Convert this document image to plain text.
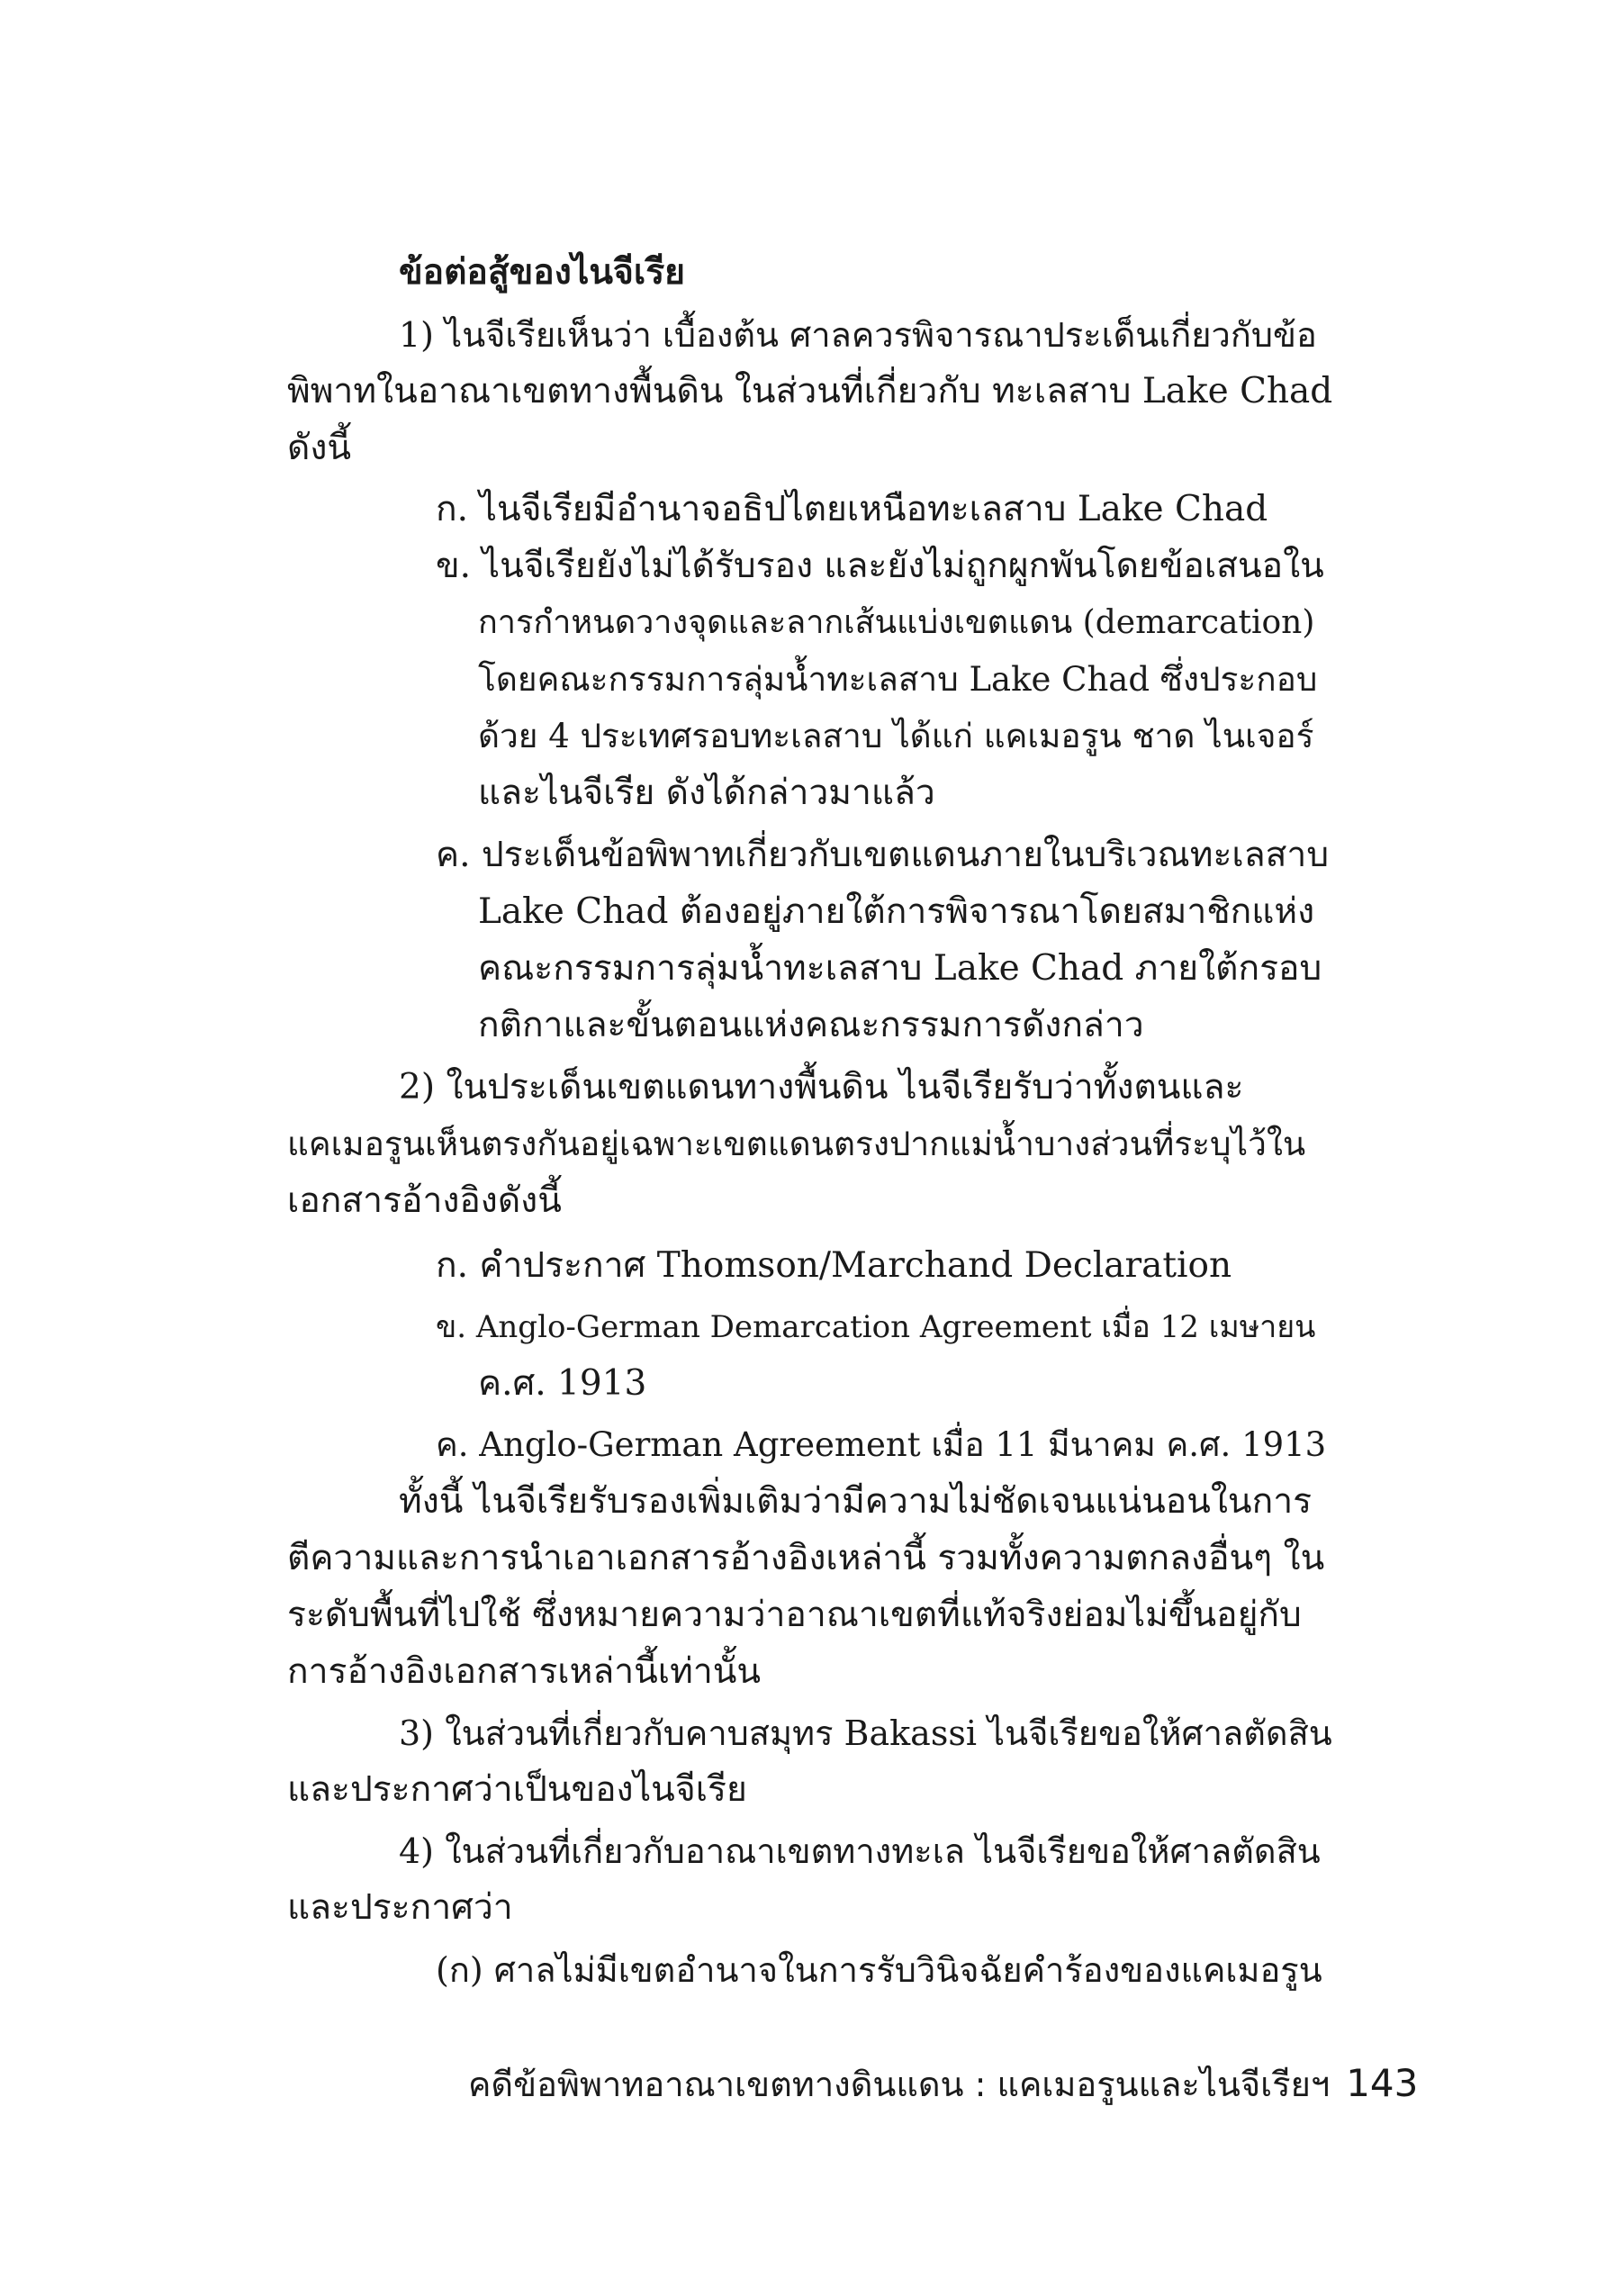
ข้อต่อสู้ของไนจีเรีย
1) ไนจีเรียเห็นว่า เบื้องต้น ศาลควรพิจารณาประเด็นเกี่ยวกับข้อ
พิพาทในอาณาเขตทางพื้นดิน ในส่วนที่เกี่ยวกับ ทะเลสาบ Lake Chad
ดังนี้
ก. ไนจีเรียมีอำนาจอธิปไตยเหนือทะเลสาบ Lake Chad
ข. ไนจีเรียยังไม่ได้รับรอง และยังไม่ถูกผูกพันโดยข้อเสนอใน
การกำหนดวางจุดและลากเส้นแบ่งเขตแดน (demarcation)
โดยคณะกรรมการลุ่มน้ำทะเลสาบ Lake Chad ซึ่งประกอบ
ด้วย 4 ประเทศรอบทะเลสาบ ได้แก่ แคเมอรูน ชาด ไนเจอร์
และไนจีเรีย ดังได้กล่าวมาแล้ว
ค. ประเด็นข้อพิพาทเกี่ยวกับเขตแดนภายในบริเวณทะเลสาบ
Lake Chad ต้องอยู่ภายใต้การพิจารณาโดยสมาชิกแห่ง
คณะกรรมการลุ่มน้ำทะเลสาบ Lake Chad ภายใต้กรอบ
กติกาและขั้นตอนแห่งคณะกรรมการดังกล่าว
2) ในประเด็นเขตแดนทางพื้นดิน ไนจีเรียรับว่าทั้งตนและ
แคเมอรูนเห็นตรงกันอยู่เฉพาะเขตแดนตรงปากแม่น้ำบางส่วนที่ระบุไว้ใน
เอกสารอ้างอิงดังนี้
ก. คำประกาศ Thomson/Marchand Declaration
ข. Anglo-German Demarcation Agreement เมื่อ 12 เมษายน
ค.ศ. 1913
ค. Anglo-German Agreement เมื่อ 11 มีนาคม ค.ศ. 1913
ทั้งนี้ ไนจีเรียรับรองเพิ่มเติมว่ามีความไม่ชัดเจนแน่นอนในการ
ตีความและการนำเอาเอกสารอ้างอิงเหล่านี้ รวมทั้งความตกลงอื่นๆ ใน
ระดับพื้นที่ไปใช้ ซึ่งหมายความว่าอาณาเขตที่แท้จริงย่อมไม่ขึ้นอยู่กับ
การอ้างอิงเอกสารเหล่านี้เท่านั้น
3) ในส่วนที่เกี่ยวกับคาบสมุทร Bakassi ไนจีเรียขอให้ศาลตัดสิน
และประกาศว่าเป็นของไนจีเรีย
4) ในส่วนที่เกี่ยวกับอาณาเขตทางทะเล ไนจีเรียขอให้ศาลตัดสิน
และประกาศว่า
(ก) ศาลไม่มีเขตอำนาจในการรับวินิจฉัยคำร้องของแคเมอรูน
คดีข้อพิพาทอาณาเขตทางดินแดน : แคเมอรูนและไนจีเรียฯ 143
